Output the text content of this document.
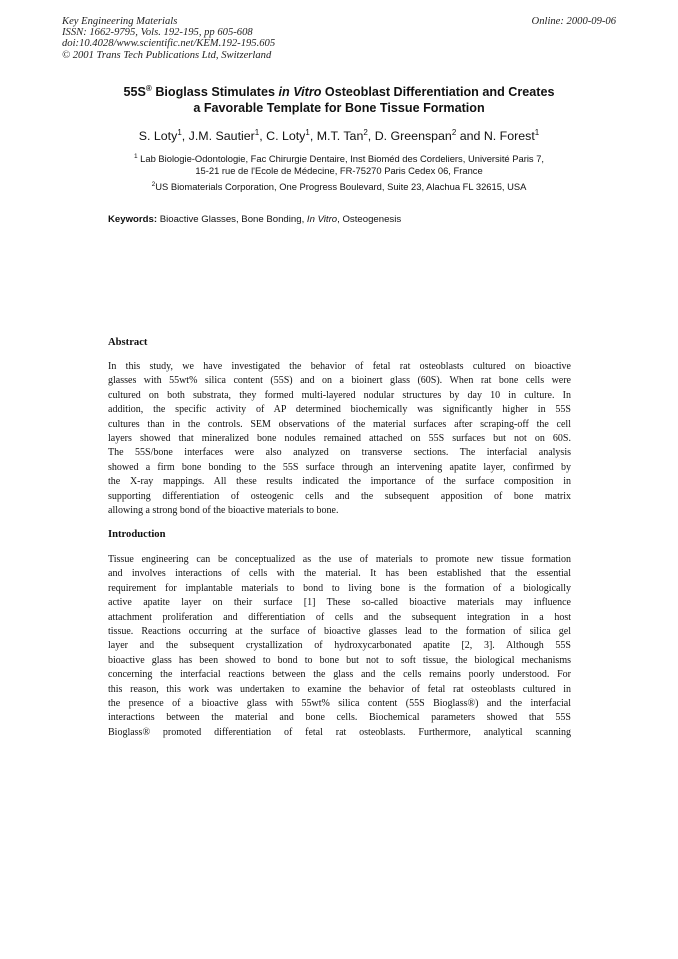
Key Engineering Materials
ISSN: 1662-9795, Vols. 192-195, pp 605-608
doi:10.4028/www.scientific.net/KEM.192-195.605
© 2001 Trans Tech Publications Ltd, Switzerland
Online: 2000-09-06
55S® Bioglass Stimulates in Vitro Osteoblast Differentiation and Creates
a Favorable Template for Bone Tissue Formation
S. Loty$^1$, J.M. Sautier$^1$, C. Loty$^1$, M.T. Tan$^2$, D. Greenspan$^2$ and N. Forest$^1$
$^1$ Lab Biologie-Odontologie, Fac Chirurgie Dentaire, Inst Bioméd des Cordeliers, Université Paris 7,
15-21 rue de l'Ecole de Médecine, FR-75270 Paris Cedex 06, France
$^2$US Biomaterials Corporation, One Progress Boulevard, Suite 23, Alachua FL 32615, USA
Keywords: Bioactive Glasses, Bone Bonding, In Vitro, Osteogenesis
Abstract
In this study, we have investigated the behavior of fetal rat osteoblasts cultured on bioactive
glasses with 55wt% silica content (55S) and on a bioinert glass (60S). When rat bone cells were
cultured on both substrata, they formed multi-layered nodular structures by day 10 in culture. In
addition, the specific activity of AP determined biochemically was significantly higher in 55S
cultures than in the controls. SEM observations of the material surfaces after scraping-off the cell
layers showed that mineralized bone nodules remained attached on 55S surfaces but not on 60S.
The 55S/bone interfaces were also analyzed on transverse sections. The interfacial analysis
showed a firm bone bonding to the 55S surface through an intervening apatite layer, confirmed by
the X-ray mappings. All these results indicated the importance of the surface composition in
supporting differentiation of osteogenic cells and the subsequent apposition of bone matrix
allowing a strong bond of the bioactive materials to bone.
Introduction
Tissue engineering can be conceptualized as the use of materials to promote new tissue formation
and involves interactions of cells with the material. It has been established that the essential
requirement for implantable materials to bond to living bone is the formation of a biologically
active apatite layer on their surface [1] These so-called bioactive materials may influence
attachment proliferation and differentiation of cells and the subsequent integration in a host
tissue. Reactions occurring at the surface of bioactive glasses lead to the formation of silica gel
layer and the subsequent crystallization of hydroxycarbonated apatite [2, 3]. Although 55S
bioactive glass has been showed to bond to bone but not to soft tissue, the biological mechanisms
concerning the interfacial reactions between the glass and the cells remains poorly understood. For
this reason, this work was undertaken to examine the behavior of fetal rat osteoblasts cultured in
the presence of a bioactive glass with 55wt% silica content (55S Bioglass®) and the interfacial
interactions between the material and bone cells. Biochemical parameters showed that 55S
Bioglass® promoted differentiation of fetal rat osteoblasts. Furthermore, analytical scanning
